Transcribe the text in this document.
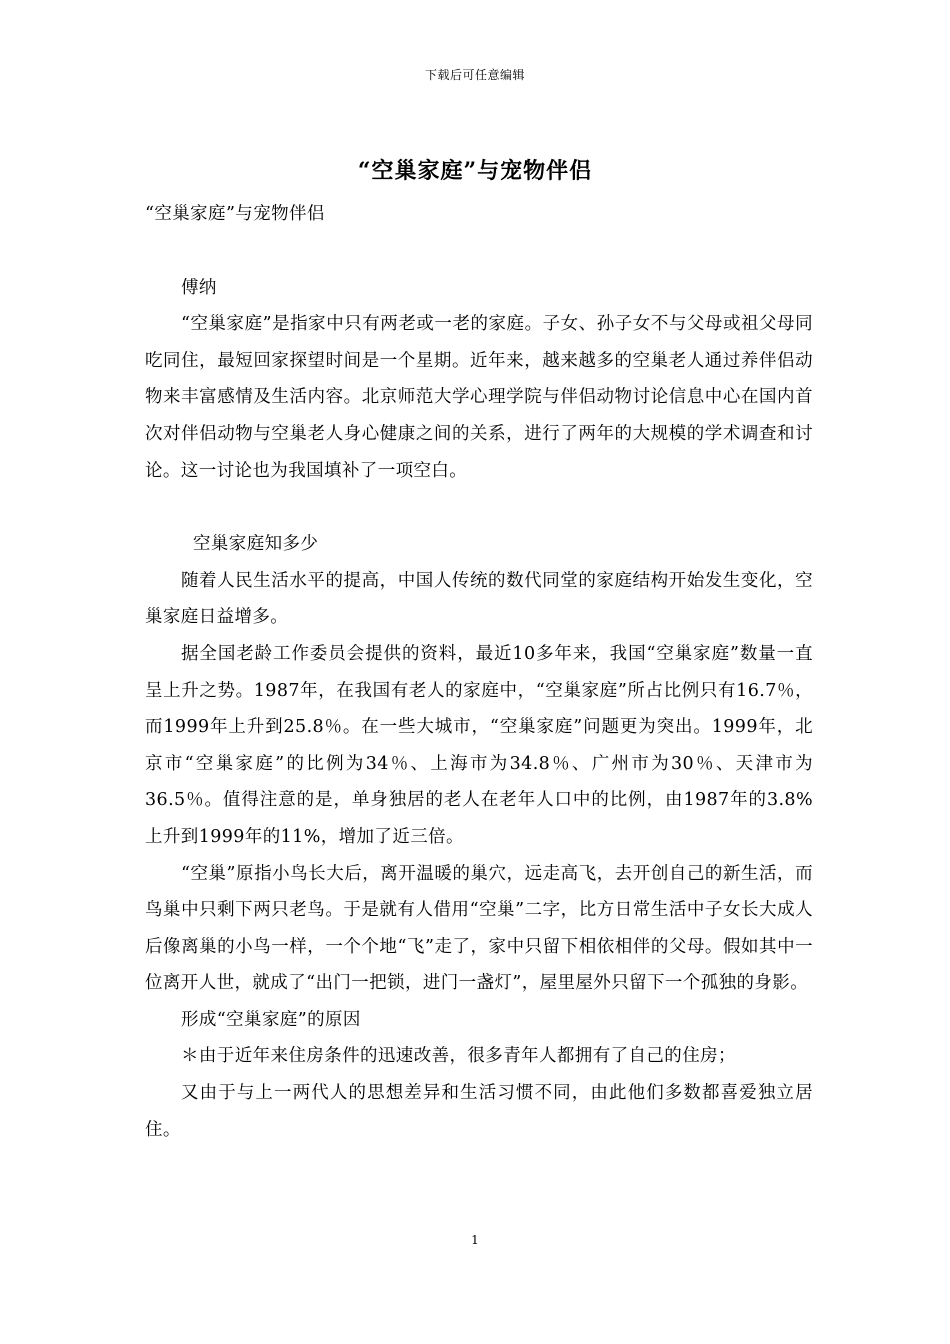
下载后可任意编辑
“空巢家庭”与宠物伴侣

“空巢家庭”与宠物伴侣

傅纳

“空巢家庭”是指家中只有两老或一老的家庭。子女、孙子女不与父母或祖父母同吃同住，最短回家探望时间是一个星期。近年来，越来越多的空巢老人通过养伴侣动物来丰富感情及生活内容。北京师范大学心理学院与伴侣动物讨论信息中心在国内首次对伴侣动物与空巢老人身心健康之间的关系，进行了两年的大规模的学术调查和讨论。这一讨论也为我国填补了一项空白。

空巢家庭知多少

随着人民生活水平的提高，中国人传统的数代同堂的家庭结构开始发生变化，空巢家庭日益增多。

据全国老龄工作委员会提供的资料，最近10多年来，我国“空巢家庭”数量一直呈上升之势。1987年，在我国有老人的家庭中，“空巢家庭”所占比例只有16.7％，而1999年上升到25.8％。在一些大城市，“空巢家庭”问题更为突出。1999年，北京市“空巢家庭”的比例为34％、上海市为34.8％、广州市为30％、天津市为36.5％。值得注意的是，单身独居的老人在老年人口中的比例，由1987年的3.8%上升到1999年的11%，增加了近三倍。

“空巢”原指小鸟长大后，离开温暖的巢穴，远走高飞，去开创自己的新生活，而鸟巢中只剩下两只老鸟。于是就有人借用“空巢”二字，比方日常生活中子女长大成人后像离巢的小鸟一样，一个个地“飞”走了，家中只留下相依相伴的父母。假如其中一位离开人世，就成了“出门一把锁，进门一盏灯”，屋里屋外只留下一个孤独的身影。

形成“空巢家庭”的原因

＊由于近年来住房条件的迅速改善，很多青年人都拥有了自己的住房；

又由于与上一两代人的思想差异和生活习惯不同，由此他们多数都喜爱独立居住。

1
